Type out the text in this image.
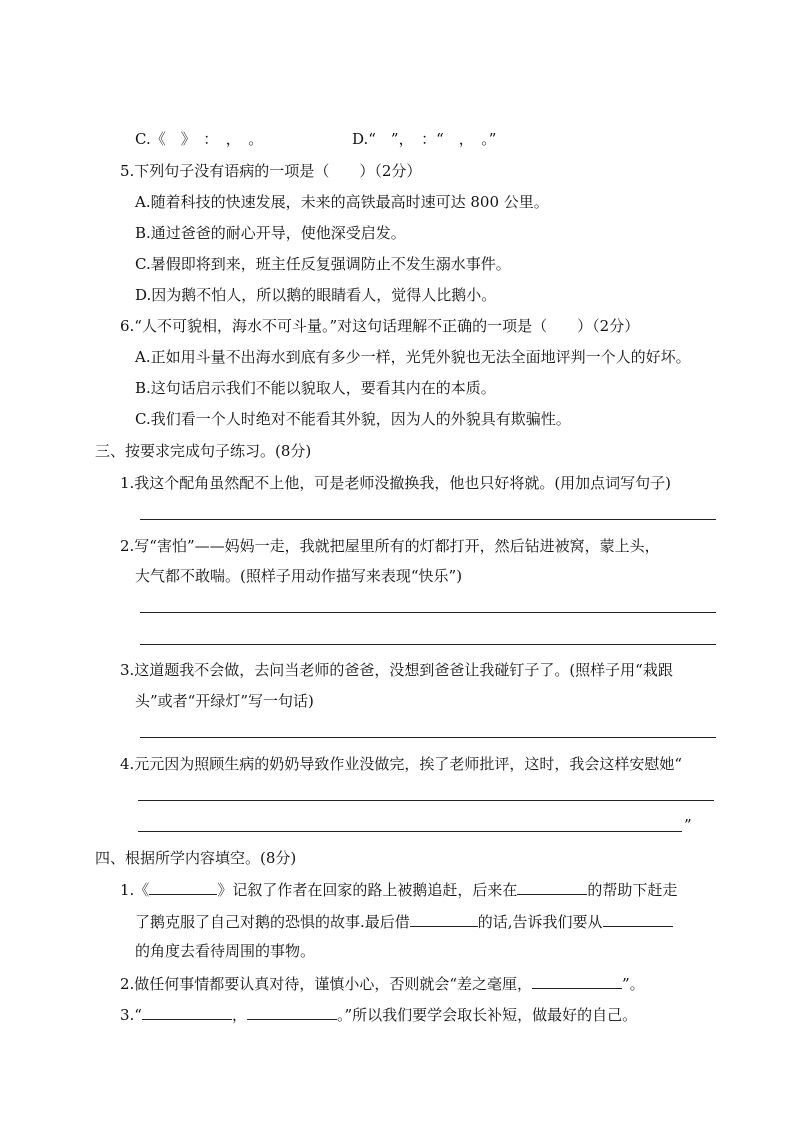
C.《　》　：　，　。	D.“　”，　：“　，　。”
5.下列句子没有语病的一项是（　　）（2分）
A.随着科技的快速发展，未来的高铁最高时速可达 800 公里。
B.通过爸爸的耐心开导，使他深受启发。
C.暑假即将到来，班主任反复强调防止不发生溺水事件。
D.因为鹅不怕人，所以鹅的眼睛看人，觉得人比鹅小。
6.“人不可貌相，海水不可斗量。”对这句话理解不正确的一项是（　　）（2分）
A.正如用斗量不出海水到底有多少一样，光凭外貌也无法全面地评判一个人的好坏。
B.这句话启示我们不能以貌取人，要看其内在的本质。
C.我们看一个人时绝对不能看其外貌，因为人的外貌具有欺骗性。
三、按要求完成句子练习。(8分)
1.我这个配角虽然配不上他，可是老师没撤换我，他也只好将就。(用加点词写句子)
2.写“害怕”——妈妈一走，我就把屋里所有的灯都打开，然后钻进被窝，蒙上头，
大气都不敢喘。(照样子用动作描写来表现“快乐”)
3.这道题我不会做，去问当老师的爸爸，没想到爸爸让我碰钉子了。(照样子用“栽跟
头”或者“开绿灯”写一句话)
4.元元因为照顾生病的奶奶导致作业没做完，挨了老师批评，这时，我会这样安慰她“
”
四、根据所学内容填空。(8分)
1.《	》记叙了作者在回家的路上被鹅追赶，后来在	的帮助下赶走
了鹅克服了自己对鹅的恐惧的故事.最后借	的话,告诉我们要从
的角度去看待周围的事物。
2.做任何事情都要认真对待，谨慎小心，否则就会“差之毫厘，	”。
3.“	，	。”所以我们要学会取长补短，做最好的自己。
